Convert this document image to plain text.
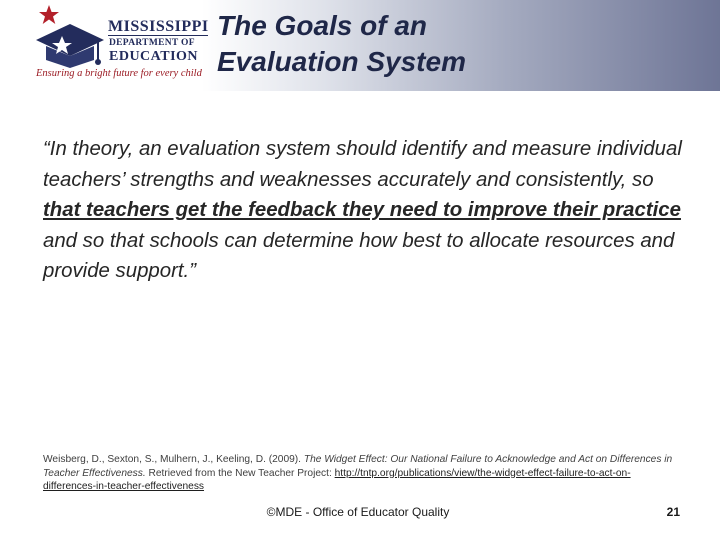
MISSISSIPPI
DEPARTMENT OF
EDUCATION
Ensuring a bright future for every child
The Goals of an
Evaluation System

“In theory, an evaluation system should identify and measure individual teachers’ strengths and weaknesses accurately and consistently, so that teachers get the feedback they need to improve their practice and so that schools can determine how best to allocate resources and provide support.”

Weisberg, D., Sexton, S., Mulhern, J., Keeling, D. (2009). The Widget Effect: Our National Failure to Acknowledge and Act on Differences in Teacher Effectiveness. Retrieved from the New Teacher Project: http://tntp.org/publications/view/the-widget-effect-failure-to-act-on-differences-in-teacher-effectiveness

©MDE - Office of Educator Quality	21
